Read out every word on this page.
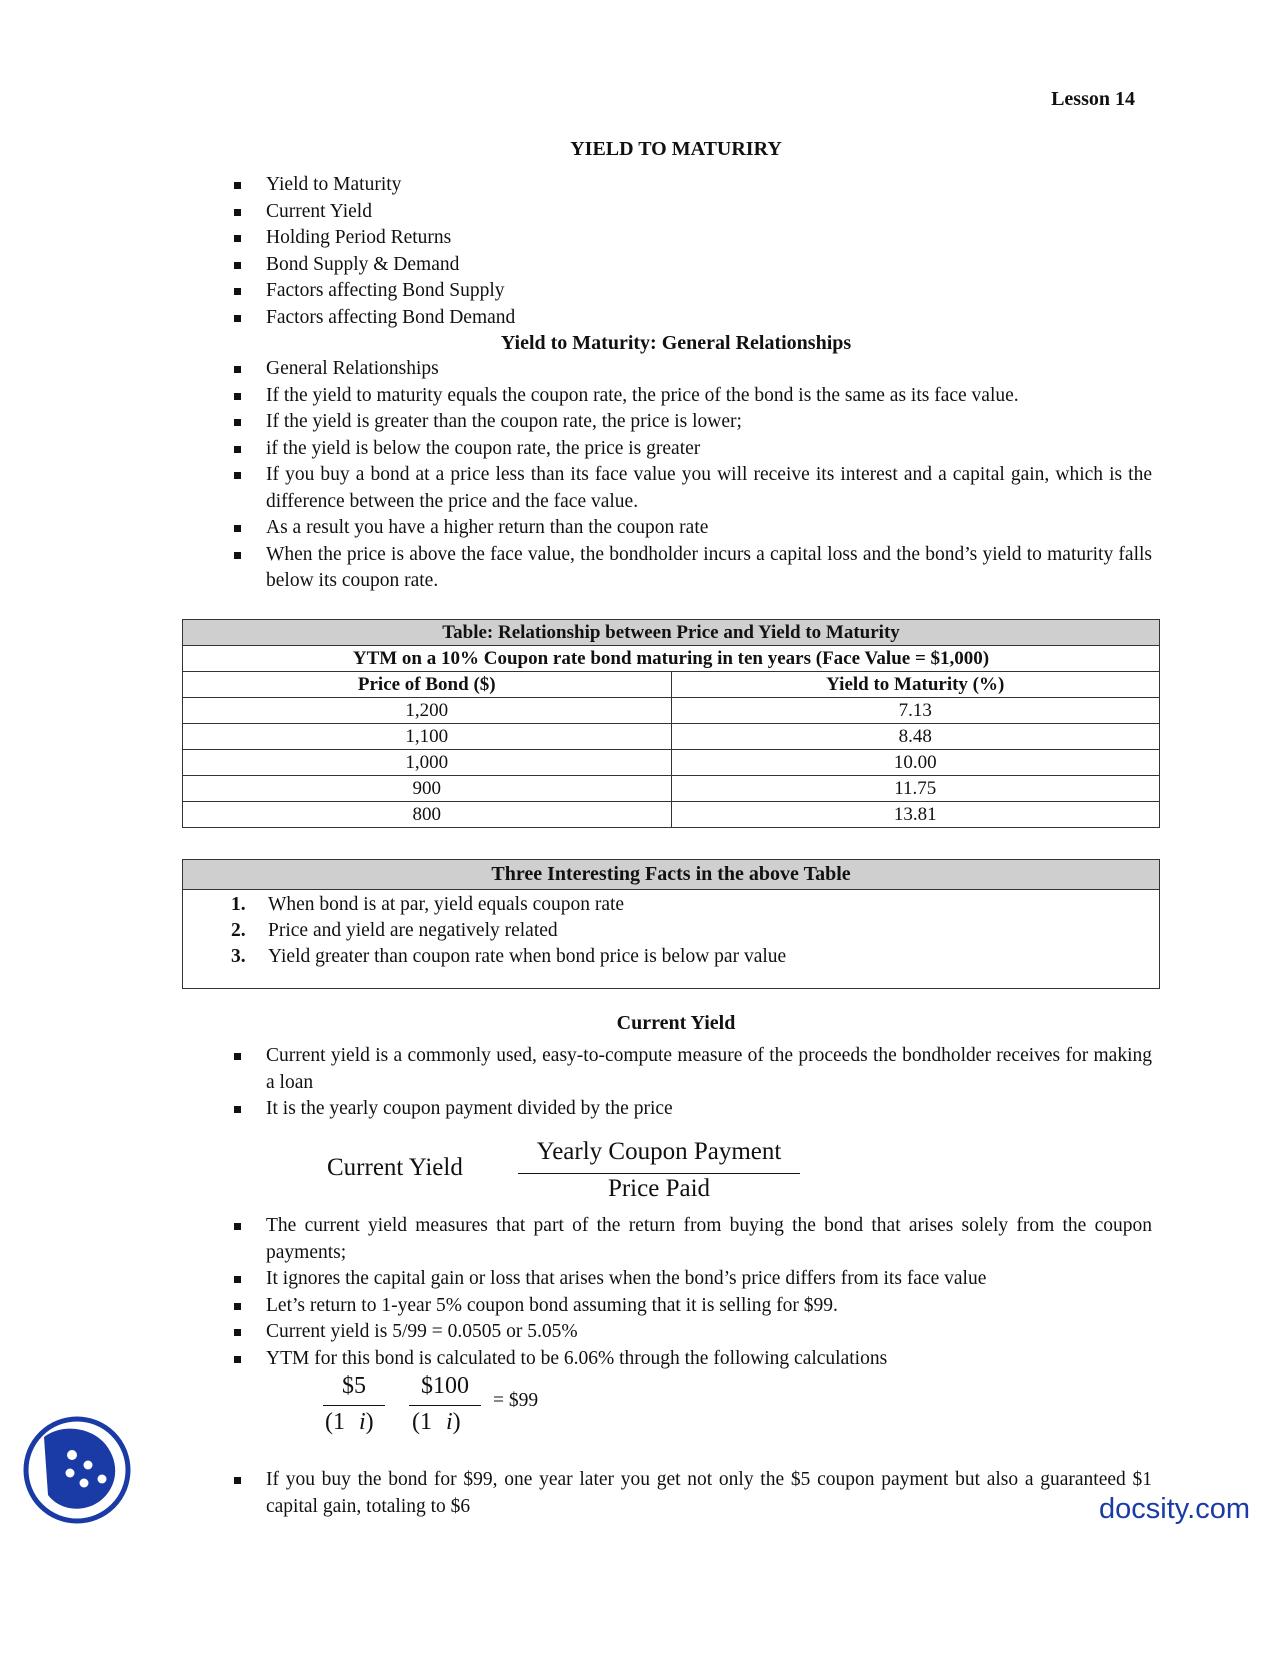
Lesson 14
YIELD TO MATURIRY
Yield to Maturity
Current Yield
Holding Period Returns
Bond Supply & Demand
Factors affecting Bond Supply
Factors affecting Bond Demand
Yield to Maturity: General Relationships
General Relationships
If the yield to maturity equals the coupon rate, the price of the bond is the same as its face value.
If the yield is greater than the coupon rate, the price is lower;
if the yield is below the coupon rate, the price is greater
If you buy a bond at a price less than its face value you will receive its interest and a capital gain, which is the difference between the price and the face value.
As a result you have a higher return than the coupon rate
When the price is above the face value, the bondholder incurs a capital loss and the bond’s yield to maturity falls below its coupon rate.
Table: Relationship between Price and Yield to Maturity	
YTM on a 10% Coupon rate bond maturing in ten years (Face Value = $1,000)	
Price of Bond ($)	Yield to Maturity (%)
1,200	7.13
1,100	8.48
1,000	10.00
900	11.75
800	13.81
Three Interesting Facts in the above Table
1. When bond is at par, yield equals coupon rate
2. Price and yield are negatively related
3. Yield greater than coupon rate when bond price is below par value
Current Yield
Current yield is a commonly used, easy-to-compute measure of the proceeds the bondholder receives for making a loan
It is the yearly coupon payment divided by the price
Current Yield
Yearly Coupon Payment
Price Paid
The current yield measures that part of the return from buying the bond that arises solely from the coupon payments;
It ignores the capital gain or loss that arises when the bond’s price differs from its face value
Let’s return to 1-year 5% coupon bond assuming that it is selling for $99.
Current yield is 5/99 = 0.0505 or 5.05%
YTM for this bond is calculated to be 6.06% through the following calculations
$5
(1 i)
$100
(1 i)
= $99
If you buy the bond for $99, one year later you get not only the $5 coupon payment but also a guaranteed $1 capital gain, totaling to $6	docsity.com
